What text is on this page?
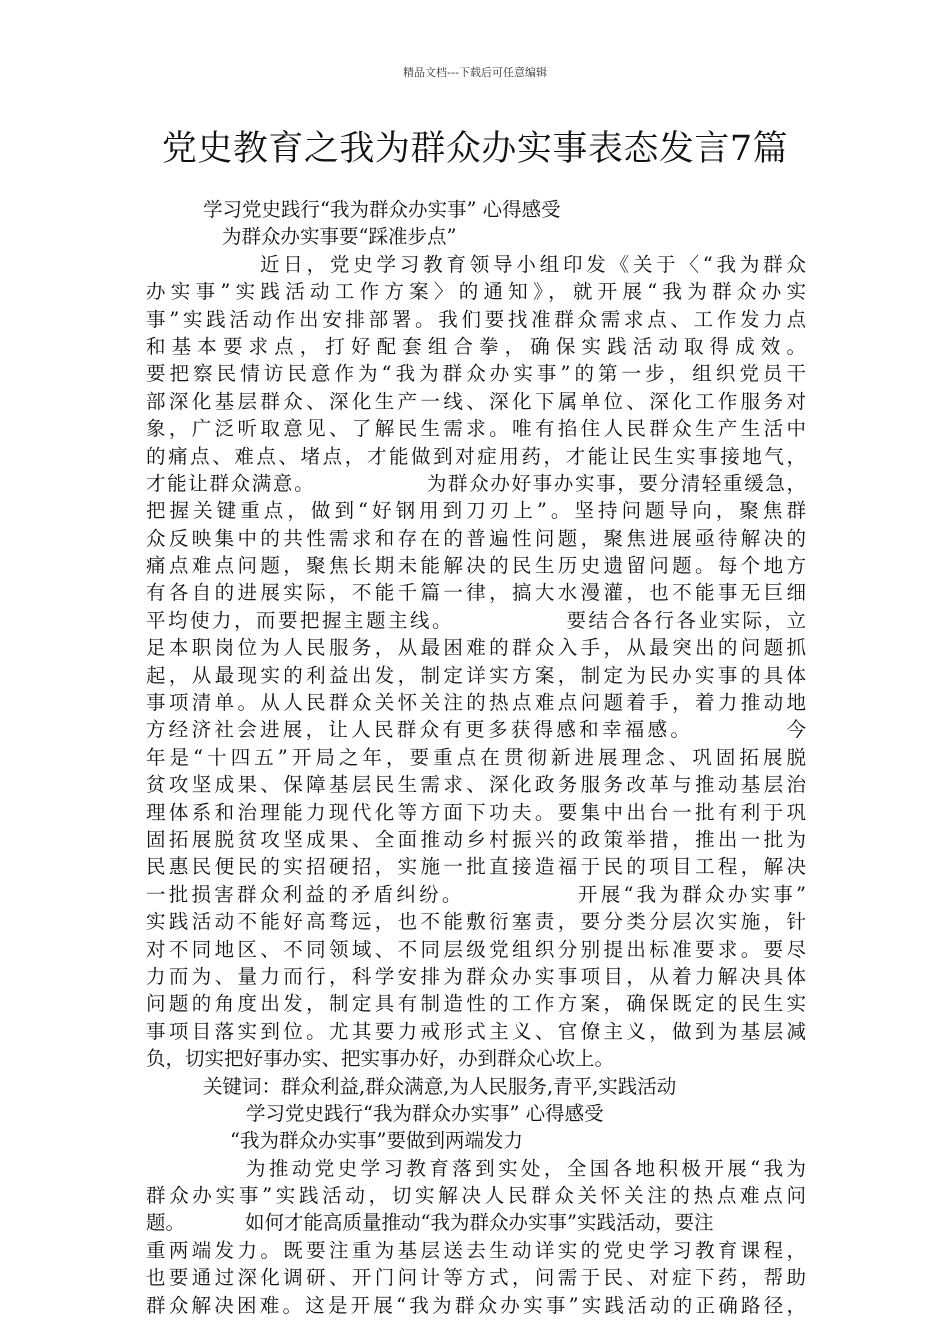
精品文档---下载后可任意编辑
党史教育之我为群众办实事表态发言7篇
学习党史践行“我为群众办实事” 心得感受
为群众办实事要“踩准步点”
近日，党史学习教育领导小组印发《关于〈“我为群众
办实事”实践活动工作方案〉的通知》，就开展“我为群众办实
事”实践活动作出安排部署。我们要找准群众需求点、工作发力点
和基本要求点，打好配套组合拳，确保实践活动取得成效。
要把察民情访民意作为“我为群众办实事”的第一步，组织党员干
部深化基层群众、深化生产一线、深化下属单位、深化工作服务对
象，广泛听取意见、了解民生需求。唯有掐住人民群众生产生活中
的痛点、难点、堵点，才能做到对症用药，才能让民生实事接地气，
才能让群众满意。	为群众办好事办实事，要分清轻重缓急，
把握关键重点，做到“好钢用到刀刃上”。坚持问题导向，聚焦群
众反映集中的共性需求和存在的普遍性问题，聚焦进展亟待解决的
痛点难点问题，聚焦长期未能解决的民生历史遗留问题。每个地方
有各自的进展实际，不能千篇一律，搞大水漫灌，也不能事无巨细
平均使力，而要把握主题主线。	要结合各行各业实际，立
足本职岗位为人民服务，从最困难的群众入手，从最突出的问题抓
起，从最现实的利益出发，制定详实方案，制定为民办实事的具体
事项清单。从人民群众关怀关注的热点难点问题着手，着力推动地
方经济社会进展，让人民群众有更多获得感和幸福感。	今
年是“十四五”开局之年，要重点在贯彻新进展理念、巩固拓展脱
贫攻坚成果、保障基层民生需求、深化政务服务改革与推动基层治
理体系和治理能力现代化等方面下功夫。要集中出台一批有利于巩
固拓展脱贫攻坚成果、全面推动乡村振兴的政策举措，推出一批为
民惠民便民的实招硬招，实施一批直接造福于民的项目工程，解决
一批损害群众利益的矛盾纠纷。	开展“我为群众办实事”
实践活动不能好高骛远，也不能敷衍塞责，要分类分层次实施，针
对不同地区、不同领域、不同层级党组织分别提出标准要求。要尽
力而为、量力而行，科学安排为群众办实事项目，从着力解决具体
问题的角度出发，制定具有制造性的工作方案，确保既定的民生实
事项目落实到位。尤其要力戒形式主义、官僚主义，做到为基层减
负，切实把好事办实、把实事办好，办到群众心坎上。
关键词：群众利益,群众满意,为人民服务,青平,实践活动
学习党史践行“我为群众办实事” 心得感受
“我为群众办实事”要做到两端发力
为推动党史学习教育落到实处，全国各地积极开展“我为
群众办实事”实践活动，切实解决人民群众关怀关注的热点难点问
题。	如何才能高质量推动“我为群众办实事”实践活动，要注
重两端发力。既要注重为基层送去生动详实的党史学习教育课程，
也要通过深化调研、开门问计等方式，问需于民、对症下药，帮助
群众解决困难。这是开展“我为群众办实事”实践活动的正确路径，
